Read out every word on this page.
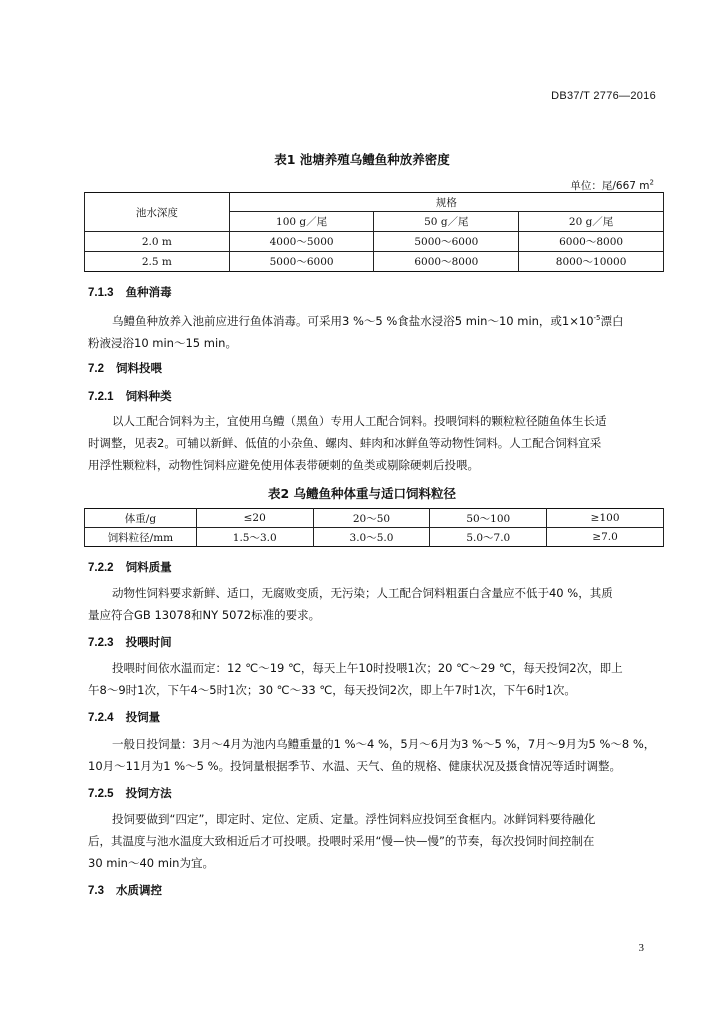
DB37/T 2776—2016
表1 池塘养殖乌鳢鱼种放养密度
单位：尾/667 $m^2$
池水深度	规格		
	100 g／尾	50 g／尾	20 g／尾
2.0 m	4000～5000	5000～6000	6000～8000
2.5 m	5000～6000	6000～8000	8000～10000
7.1.3 鱼种消毒
乌鳢鱼种放养入池前应进行鱼体消毒。可采用3 %～5 %食盐水浸浴5 min～10 min，或$1\times 10^{-5}$漂白
粉液浸浴10 min～15 min。
7.2 饲料投喂
7.2.1 饲料种类
以人工配合饲料为主，宜使用乌鳢（黑鱼）专用人工配合饲料。投喂饲料的颗粒粒径随鱼体生长适
时调整，见表2。可辅以新鲜、低值的小杂鱼、螺肉、蚌肉和冰鲜鱼等动物性饲料。人工配合饲料宜采
用浮性颗粒料，动物性饲料应避免使用体表带硬刺的鱼类或剔除硬刺后投喂。
表2 乌鳢鱼种体重与适口饲料粒径
体重/g	≤20	20～50	50～100	≥100
饲料粒径/mm	1.5～3.0	3.0～5.0	5.0～7.0	≥7.0
7.2.2 饲料质量
动物性饲料要求新鲜、适口，无腐败变质，无污染；人工配合饲料粗蛋白含量应不低于40 %，其质
量应符合GB 13078和NY 5072标准的要求。
7.2.3 投喂时间
投喂时间依水温而定：12 ℃～19 ℃，每天上午10时投喂1次；20 ℃～29 ℃，每天投饲2次，即上
午8～9时1次，下午4～5时1次；30 ℃～33 ℃，每天投饲2次，即上午7时1次，下午6时1次。
7.2.4 投饲量
一般日投饲量：3月～4月为池内乌鳢重量的1 %～4 %，5月～6月为3 %～5 %，7月～9月为5 %～8 %，
10月～11月为1 %～5 %。投饲量根据季节、水温、天气、鱼的规格、健康状况及摄食情况等适时调整。
7.2.5 投饲方法
投饲要做到“四定”，即定时、定位、定质、定量。浮性饲料应投饲至食框内。冰鲜饲料要待融化
后，其温度与池水温度大致相近后才可投喂。投喂时采用“慢—快—慢”的节奏，每次投饲时间控制在
30 min～40 min为宜。
7.3 水质调控
3
